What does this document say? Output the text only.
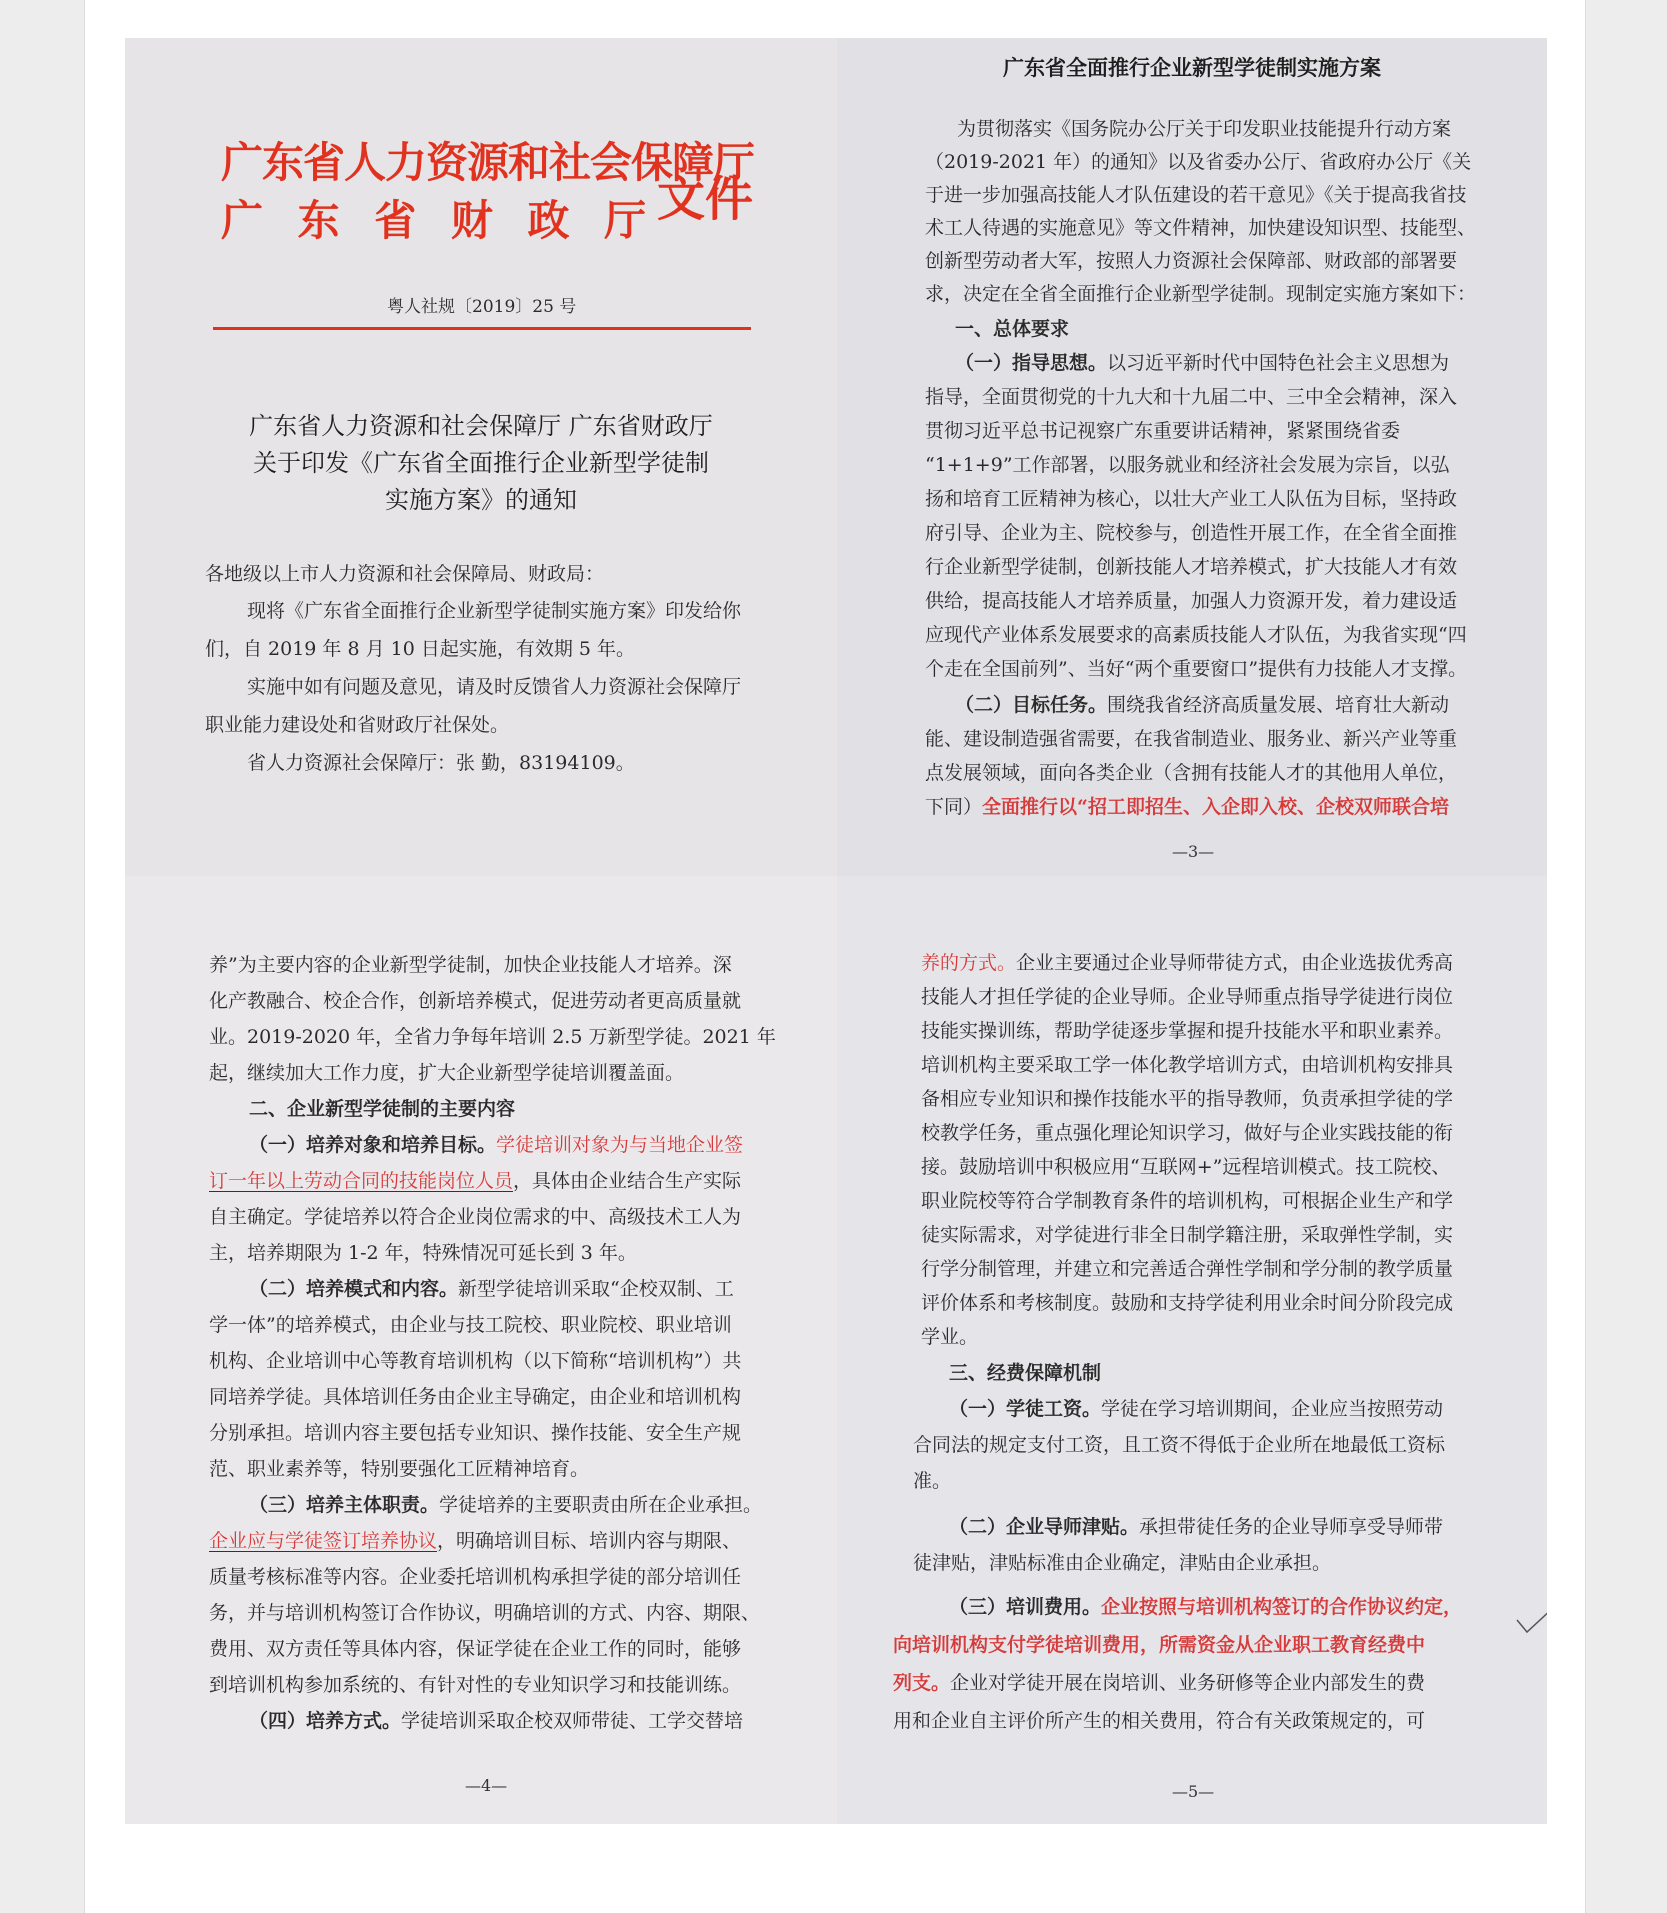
广东省人力资源和社会保障厅
广 东 省 财 政 厅 文件
粤人社规〔2019〕25 号
广东省人力资源和社会保障厅 广东省财政厅
关于印发《广东省全面推行企业新型学徒制
实施方案》的通知
各地级以上市人力资源和社会保障局、财政局：
现将《广东省全面推行企业新型学徒制实施方案》印发给你
们，自 2019 年 8 月 10 日起实施，有效期 5 年。
实施中如有问题及意见，请及时反馈省人力资源社会保障厅
职业能力建设处和省财政厅社保处。
省人力资源社会保障厅：张 勤，83194109。
广东省全面推行企业新型学徒制实施方案
为贯彻落实《国务院办公厅关于印发职业技能提升行动方案
（2019-2021 年）的通知》以及省委办公厅、省政府办公厅《关
于进一步加强高技能人才队伍建设的若干意见》《关于提高我省技
术工人待遇的实施意见》等文件精神，加快建设知识型、技能型、
创新型劳动者大军，按照人力资源社会保障部、财政部的部署要
求，决定在全省全面推行企业新型学徒制。现制定实施方案如下：
一、总体要求
（一）指导思想。以习近平新时代中国特色社会主义思想为
指导，全面贯彻党的十九大和十九届二中、三中全会精神，深入
贯彻习近平总书记视察广东重要讲话精神，紧紧围绕省委
“1+1+9”工作部署，以服务就业和经济社会发展为宗旨，以弘
扬和培育工匠精神为核心，以壮大产业工人队伍为目标，坚持政
府引导、企业为主、院校参与，创造性开展工作，在全省全面推
行企业新型学徒制，创新技能人才培养模式，扩大技能人才有效
供给，提高技能人才培养质量，加强人力资源开发，着力建设适
应现代产业体系发展要求的高素质技能人才队伍，为我省实现“四
个走在全国前列”、当好“两个重要窗口”提供有力技能人才支撑。
（二）目标任务。围绕我省经济高质量发展、培育壮大新动
能、建设制造强省需要，在我省制造业、服务业、新兴产业等重
点发展领域，面向各类企业（含拥有技能人才的其他用人单位，
下同）全面推行以“招工即招生、入企即入校、企校双师联合培
—3—
养”为主要内容的企业新型学徒制，加快企业技能人才培养。深
化产教融合、校企合作，创新培养模式，促进劳动者更高质量就
业。2019-2020 年，全省力争每年培训 2.5 万新型学徒。2021 年
起，继续加大工作力度，扩大企业新型学徒培训覆盖面。
二、企业新型学徒制的主要内容
（一）培养对象和培养目标。学徒培训对象为与当地企业签
订一年以上劳动合同的技能岗位人员，具体由企业结合生产实际
自主确定。学徒培养以符合企业岗位需求的中、高级技术工人为
主，培养期限为 1-2 年，特殊情况可延长到 3 年。
（二）培养模式和内容。新型学徒培训采取“企校双制、工
学一体”的培养模式，由企业与技工院校、职业院校、职业培训
机构、企业培训中心等教育培训机构（以下简称“培训机构”）共
同培养学徒。具体培训任务由企业主导确定，由企业和培训机构
分别承担。培训内容主要包括专业知识、操作技能、安全生产规
范、职业素养等，特别要强化工匠精神培育。
（三）培养主体职责。学徒培养的主要职责由所在企业承担。
企业应与学徒签订培养协议，明确培训目标、培训内容与期限、
质量考核标准等内容。企业委托培训机构承担学徒的部分培训任
务，并与培训机构签订合作协议，明确培训的方式、内容、期限、
费用、双方责任等具体内容，保证学徒在企业工作的同时，能够
到培训机构参加系统的、有针对性的专业知识学习和技能训练。
（四）培养方式。学徒培训采取企校双师带徒、工学交替培
—4—
养的方式。企业主要通过企业导师带徒方式，由企业选拔优秀高
技能人才担任学徒的企业导师。企业导师重点指导学徒进行岗位
技能实操训练，帮助学徒逐步掌握和提升技能水平和职业素养。
培训机构主要采取工学一体化教学培训方式，由培训机构安排具
备相应专业知识和操作技能水平的指导教师，负责承担学徒的学
校教学任务，重点强化理论知识学习，做好与企业实践技能的衔
接。鼓励培训中积极应用“互联网+”远程培训模式。技工院校、
职业院校等符合学制教育条件的培训机构，可根据企业生产和学
徒实际需求，对学徒进行非全日制学籍注册，采取弹性学制，实
行学分制管理，并建立和完善适合弹性学制和学分制的教学质量
评价体系和考核制度。鼓励和支持学徒利用业余时间分阶段完成
学业。
三、经费保障机制
（一）学徒工资。学徒在学习培训期间，企业应当按照劳动
合同法的规定支付工资，且工资不得低于企业所在地最低工资标
准。
（二）企业导师津贴。承担带徒任务的企业导师享受导师带
徒津贴，津贴标准由企业确定，津贴由企业承担。
（三）培训费用。企业按照与培训机构签订的合作协议约定，
向培训机构支付学徒培训费用，所需资金从企业职工教育经费中
列支。企业对学徒开展在岗培训、业务研修等企业内部发生的费
用和企业自主评价所产生的相关费用，符合有关政策规定的，可
—5—
